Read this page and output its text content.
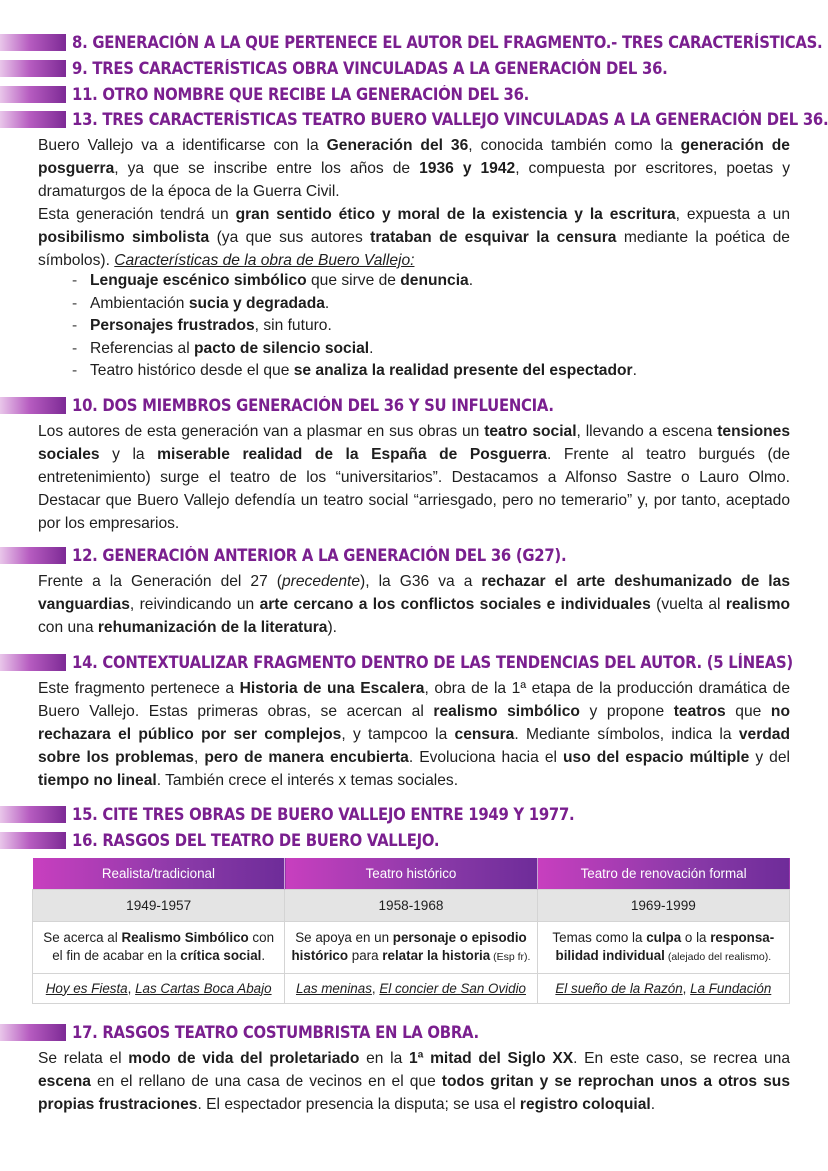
8. GENERACIÓN A LA QUE PERTENECE EL AUTOR DEL FRAGMENTO.- TRES CARACTERÍSTICAS.
9. TRES CARACTERÍSTICAS OBRA VINCULADAS A LA GENERACIÓN DEL 36.
11. OTRO NOMBRE QUE RECIBE LA GENERACIÓN DEL 36.
13. TRES CARACTERÍSTICAS TEATRO BUERO VALLEJO VINCULADAS A LA GENERACIÓN DEL 36.

Buero Vallejo va a identificarse con la Generación del 36, conocida también como la generación de posguerra, ya que se inscribe entre los años de 1936 y 1942, compuesta por escritores, poetas y dramaturgos de la época de la Guerra Civil.

Esta generación tendrá un gran sentido ético y moral de la existencia y la escritura, expuesta a un posibilismo simbolista (ya que sus autores trataban de esquivar la censura mediante la poética de símbolos). Características de la obra de Buero Vallejo:

- Lenguaje escénico simbólico que sirve de denuncia.
- Ambientación sucia y degradada.
- Personajes frustrados, sin futuro.
- Referencias al pacto de silencio social.
- Teatro histórico desde el que se analiza la realidad presente del espectador.
10. DOS MIEMBROS GENERACIÓN DEL 36 Y SU INFLUENCIA.

Los autores de esta generación van a plasmar en sus obras un teatro social, llevando a escena tensiones sociales y la miserable realidad de la España de Posguerra. Frente al teatro burgués (de entretenimiento) surge el teatro de los “universitarios”. Destacamos a Alfonso Sastre o Lauro Olmo. Destacar que Buero Vallejo defendía un teatro social “arriesgado, pero no temerario” y, por tanto, aceptado por los empresarios.

12. GENERACIÓN ANTERIOR A LA GENERACIÓN DEL 36 (G27).

Frente a la Generación del 27 (precedente), la G36 va a rechazar el arte deshumanizado de las vanguardias, reivindicando un arte cercano a los conflictos sociales e individuales (vuelta al realismo con una rehumanización de la literatura).

14. CONTEXTUALIZAR FRAGMENTO DENTRO DE LAS TENDENCIAS DEL AUTOR. (5 LÍNEAS)

Este fragmento pertenece a Historia de una Escalera, obra de la 1ª etapa de la producción dramática de Buero Vallejo. Estas primeras obras, se acercan al realismo simbólico y propone teatros que no rechazara el público por ser complejos, y tampcoo la censura. Mediante símbolos, indica la verdad sobre los problemas, pero de manera encubierta. Evoluciona hacia el uso del espacio múltiple y del tiempo no lineal. También crece el interés x temas sociales.

15. CITE TRES OBRAS DE BUERO VALLEJO ENTRE 1949 Y 1977.
16. RASGOS DEL TEATRO DE BUERO VALLEJO.
Realista/tradicional	Teatro histórico	Teatro de renovación formal
1949-1957	1958-1968	1969-1999
Se acerca al Realismo Simbólico con el fin de acabar en la crítica social.	Se apoya en un personaje o episodio histórico para relatar la historia (Esp fr).	Temas como la culpa o la responsa-bilidad individual (alejado del realismo).
Hoy es Fiesta, Las Cartas Boca Abajo	Las meninas, El concier de San Ovidio	El sueño de la Razón, La Fundación
17. RASGOS TEATRO COSTUMBRISTA EN LA OBRA.

Se relata el modo de vida del proletariado en la 1ª mitad del Siglo XX. En este caso, se recrea una escena en el rellano de una casa de vecinos en el que todos gritan y se reprochan unos a otros sus propias frustraciones. El espectador presencia la disputa; se usa el registro coloquial.
